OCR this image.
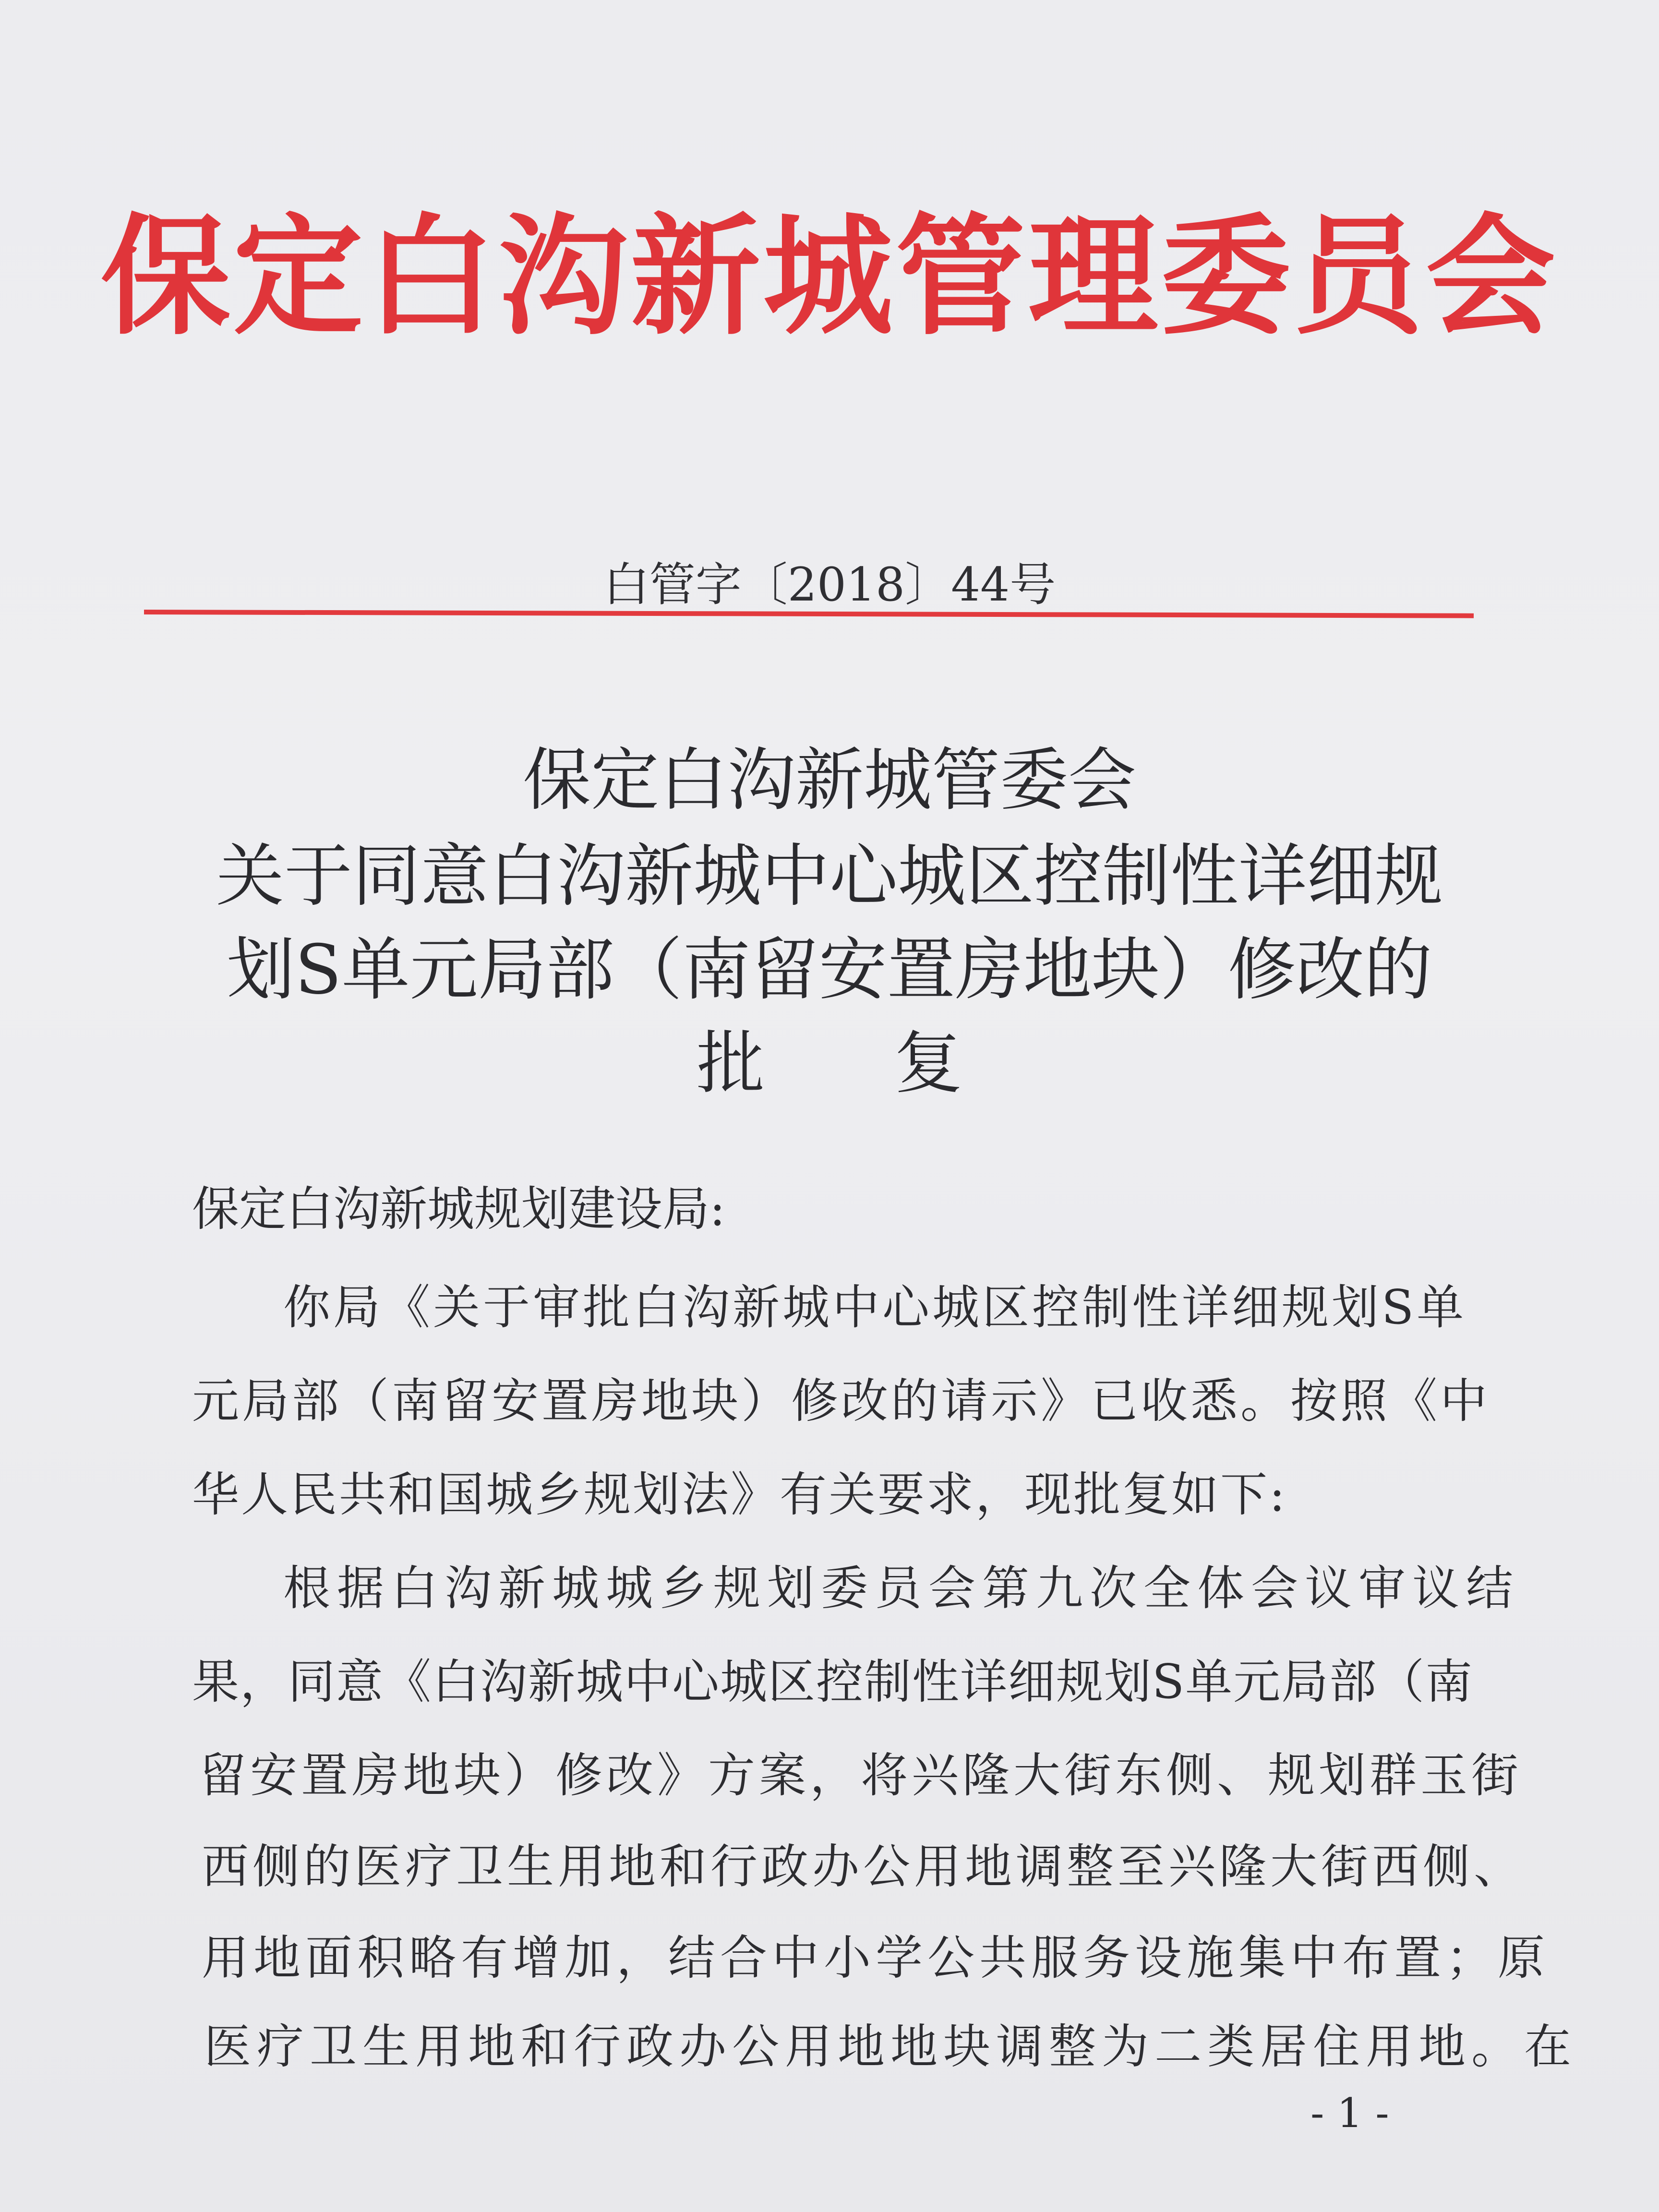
保定白沟新城管理委员会
白管字〔2018〕44号
保定白沟新城管委会
关于同意白沟新城中心城区控制性详细规
划S单元局部（南留安置房地块）修改的
批复
保定白沟新城规划建设局:
你局《关于审批白沟新城中心城区控制性详细规划S单
元局部（南留安置房地块）修改的请示》已收悉。按照《中
华人民共和国城乡规划法》有关要求，现批复如下:
根据白沟新城城乡规划委员会第九次全体会议审议结
果，同意《白沟新城中心城区控制性详细规划S单元局部（南
留安置房地块）修改》方案，将兴隆大街东侧、规划群玉街
西侧的医疗卫生用地和行政办公用地调整至兴隆大街西侧、
用地面积略有增加，结合中小学公共服务设施集中布置；原
医疗卫生用地和行政办公用地地块调整为二类居住用地。在
- 1 -
